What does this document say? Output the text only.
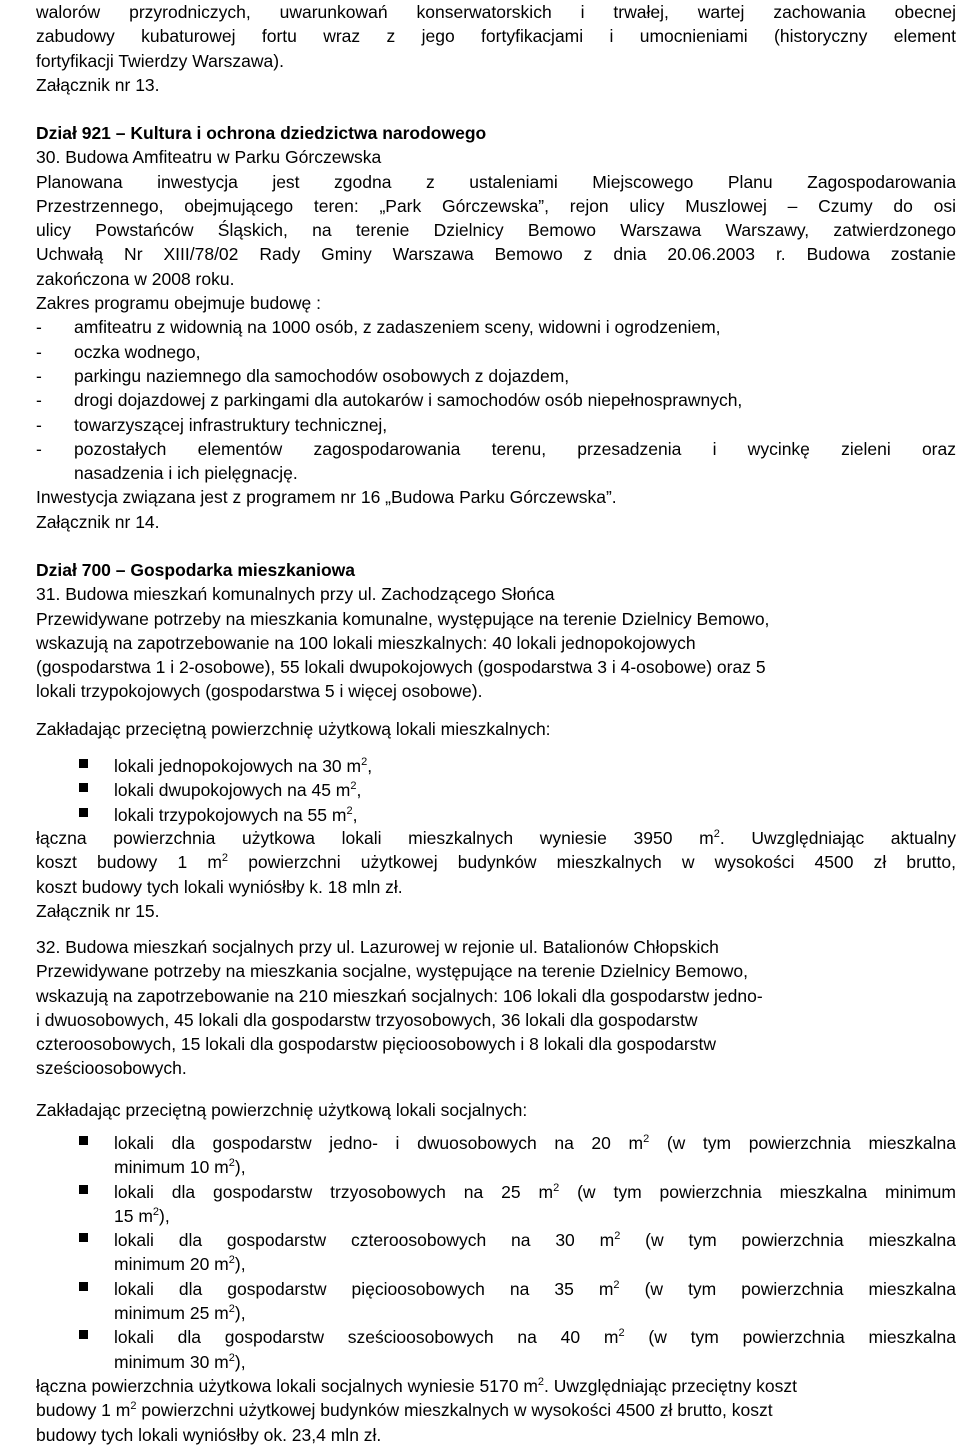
walorów przyrodniczych, uwarunkowań konserwatorskich i trwałej, wartej zachowania obecnej

zabudowy kubaturowej fortu wraz z jego fortyfikacjami i umocnieniami (historyczny element

fortyfikacji Twierdzy Warszawa).

Załącznik nr 13.

Dział 921 – Kultura i ochrona dziedzictwa narodowego

30. Budowa Amfiteatru w Parku Górczewska

Planowana inwestycja jest zgodna z ustaleniami Miejscowego Planu Zagospodarowania

Przestrzennego, obejmującego teren: „Park Górczewska”, rejon ulicy Muszlowej – Czumy do osi

ulicy Powstańców Śląskich, na terenie Dzielnicy Bemowo Warszawa Warszawy, zatwierdzonego

Uchwałą Nr XIII/78/02 Rady Gminy Warszawa Bemowo z dnia 20.06.2003 r. Budowa zostanie

zakończona w 2008 roku.

Zakres programu obejmuje budowę :

- amfiteatru z widownią na 1000 osób, z zadaszeniem sceny, widowni i ogrodzeniem,
- oczka wodnego,
- parkingu naziemnego dla samochodów osobowych z dojazdem,
- drogi dojazdowej z parkingami dla autokarów i samochodów osób niepełnosprawnych,
- towarzyszącej infrastruktury technicznej,
- pozostałych elementów zagospodarowania terenu, przesadzenia i wycinkę zieleni oraz

nasadzenia i ich pielęgnację.

Inwestycja związana jest z programem nr 16 „Budowa Parku Górczewska”.

Załącznik nr 14.

Dział 700 – Gospodarka mieszkaniowa

31. Budowa mieszkań komunalnych przy ul. Zachodzącego Słońca

Przewidywane potrzeby na mieszkania komunalne, występujące na terenie Dzielnicy Bemowo,

wskazują na zapotrzebowanie na 100 lokali mieszkalnych: 40 lokali jednopokojowych

(gospodarstwa 1 i 2-osobowe), 55 lokali dwupokojowych (gospodarstwa 3 i 4-osobowe) oraz 5

lokali trzypokojowych (gospodarstwa 5 i więcej osobowe).

Zakładając przeciętną powierzchnię użytkową lokali mieszkalnych:

lokali jednopokojowych na 30 $m^2$,
lokali dwupokojowych na 45 $m^2$,
lokali trzypokojowych na 55 $m^2$,

łączna powierzchnia użytkowa lokali mieszkalnych wyniesie 3950 $m^2$. Uwzględniając aktualny

koszt budowy 1 $m^2$ powierzchni użytkowej budynków mieszkalnych w wysokości 4500 zł brutto,

koszt budowy tych lokali wyniósłby k. 18 mln zł.

Załącznik nr 15.

32. Budowa mieszkań socjalnych przy ul. Lazurowej w rejonie ul. Batalionów Chłopskich

Przewidywane potrzeby na mieszkania socjalne, występujące na terenie Dzielnicy Bemowo,

wskazują na zapotrzebowanie na 210 mieszkań socjalnych: 106 lokali dla gospodarstw jedno-

i dwuosobowych, 45 lokali dla gospodarstw trzyosobowych, 36 lokali dla gospodarstw

czteroosobowych, 15 lokali dla gospodarstw pięcioosobowych i 8 lokali dla gospodarstw

sześcioosobowych.

Zakładając przeciętną powierzchnię użytkową lokali socjalnych:

lokali dla gospodarstw jedno- i dwuosobowych na 20 $m^2$ (w tym powierzchnia mieszkalna

minimum 10 $m^2$),

lokali dla gospodarstw trzyosobowych na 25 $m^2$ (w tym powierzchnia mieszkalna minimum

15 $m^2$),

lokali dla gospodarstw czteroosobowych na 30 $m^2$ (w tym powierzchnia mieszkalna

minimum 20 $m^2$),

lokali dla gospodarstw pięcioosobowych na 35 $m^2$ (w tym powierzchnia mieszkalna

minimum 25 $m^2$),

lokali dla gospodarstw sześcioosobowych na 40 $m^2$ (w tym powierzchnia mieszkalna

minimum 30 $m^2$),

łączna powierzchnia użytkowa lokali socjalnych wyniesie 5170 $m^2$. Uwzględniając przeciętny koszt

budowy 1 $m^2$ powierzchni użytkowej budynków mieszkalnych w wysokości 4500 zł brutto, koszt

budowy tych lokali wyniósłby ok. 23,4 mln zł.
